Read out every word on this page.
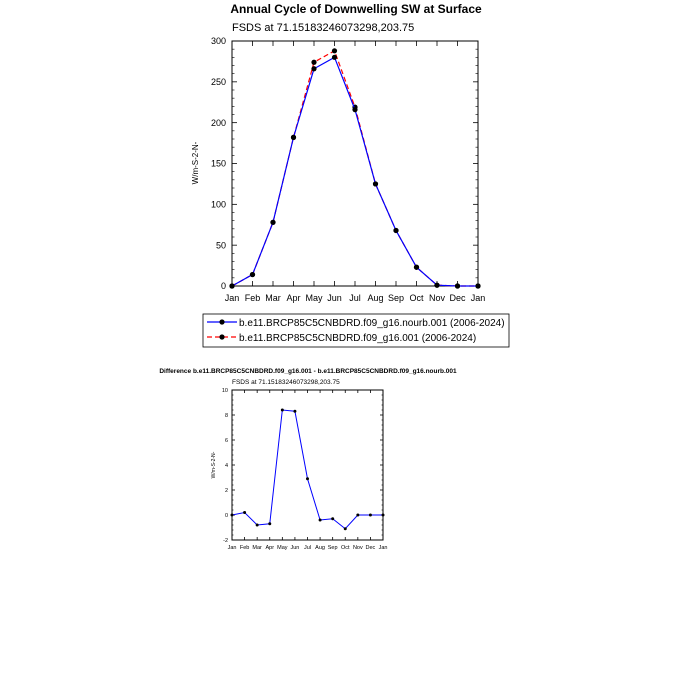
Annual Cycle of Downwelling SW at Surface
FSDS at 71.15183246073298,203.75
0
50
100
150
200
250
300
Jan Feb Mar Apr May Jun Jul Aug Sep Oct Nov Dec Jan
W/m-S-2-N-
b.e11.BRCP85C5CNBDRD.f09_g16.nourb.001 (2006-2024)
b.e11.BRCP85C5CNBDRD.f09_g16.001 (2006-2024)
Difference b.e11.BRCP85C5CNBDRD.f09_g16.001 - b.e11.BRCP85C5CNBDRD.f09_g16.nourb.001
FSDS at 71.15183246073298,203.75
-2
0
2
4
6
8
10
Jan Feb Mar Apr May Jun Jul Aug Sep Oct Nov Dec Jan
W/m-S-2-N-
